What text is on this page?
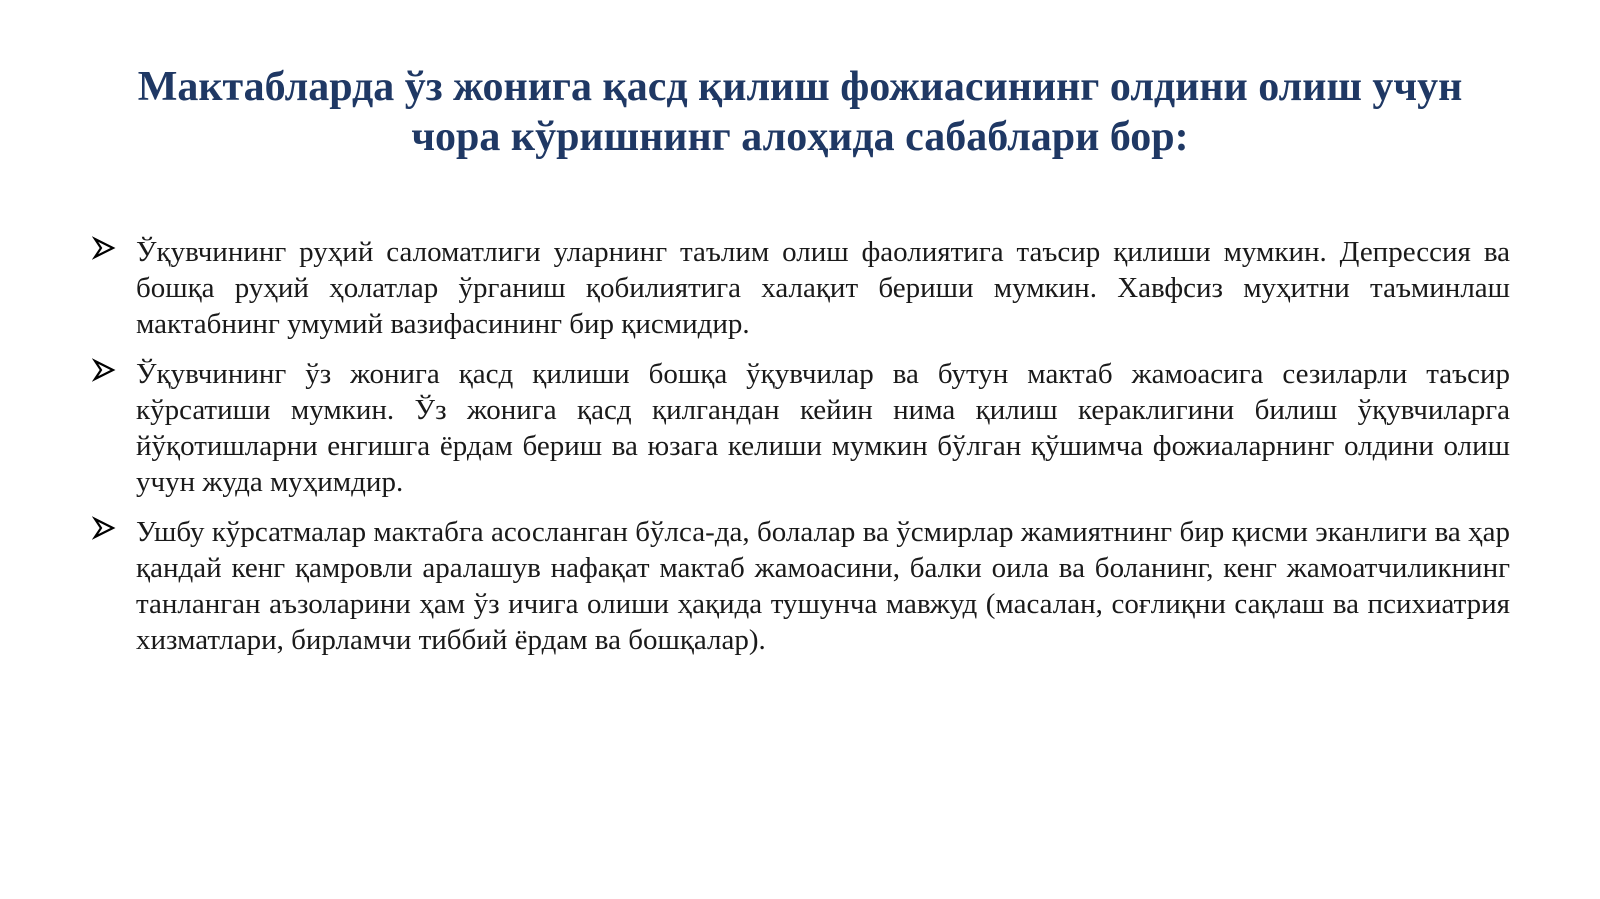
Мактабларда ўз жонига қасд қилиш фожиасининг олдини олиш учун чора кўришнинг алоҳида сабаблари бор:
Ўқувчининг руҳий саломатлиги уларнинг таълим олиш фаолиятига таъсир қилиши мумкин. Депрессия ва бошқа руҳий ҳолатлар ўрганиш қобилиятига халақит бериши мумкин. Хавфсиз муҳитни таъминлаш мактабнинг умумий вазифасининг бир қисмидир.
Ўқувчининг ўз жонига қасд қилиши бошқа ўқувчилар ва бутун мактаб жамоасига сезиларли таъсир кўрсатиши мумкин. Ўз жонига қасд қилгандан кейин нима қилиш кераклигини билиш ўқувчиларга йўқотишларни енгишга ёрдам бериш ва юзага келиши мумкин бўлган қўшимча фожиаларнинг олдини олиш учун жуда муҳимдир.
Ушбу кўрсатмалар мактабга асосланган бўлса-да, болалар ва ўсмирлар жамиятнинг бир қисми эканлиги ва ҳар қандай кенг қамровли аралашув нафақат мактаб жамоасини, балки оила ва боланинг, кенг жамоатчиликнинг танланган аъзоларини ҳам ўз ичига олиши ҳақида тушунча мавжуд (масалан, соғлиқни сақлаш ва психиатрия хизматлари, бирламчи тиббий ёрдам ва бошқалар).
